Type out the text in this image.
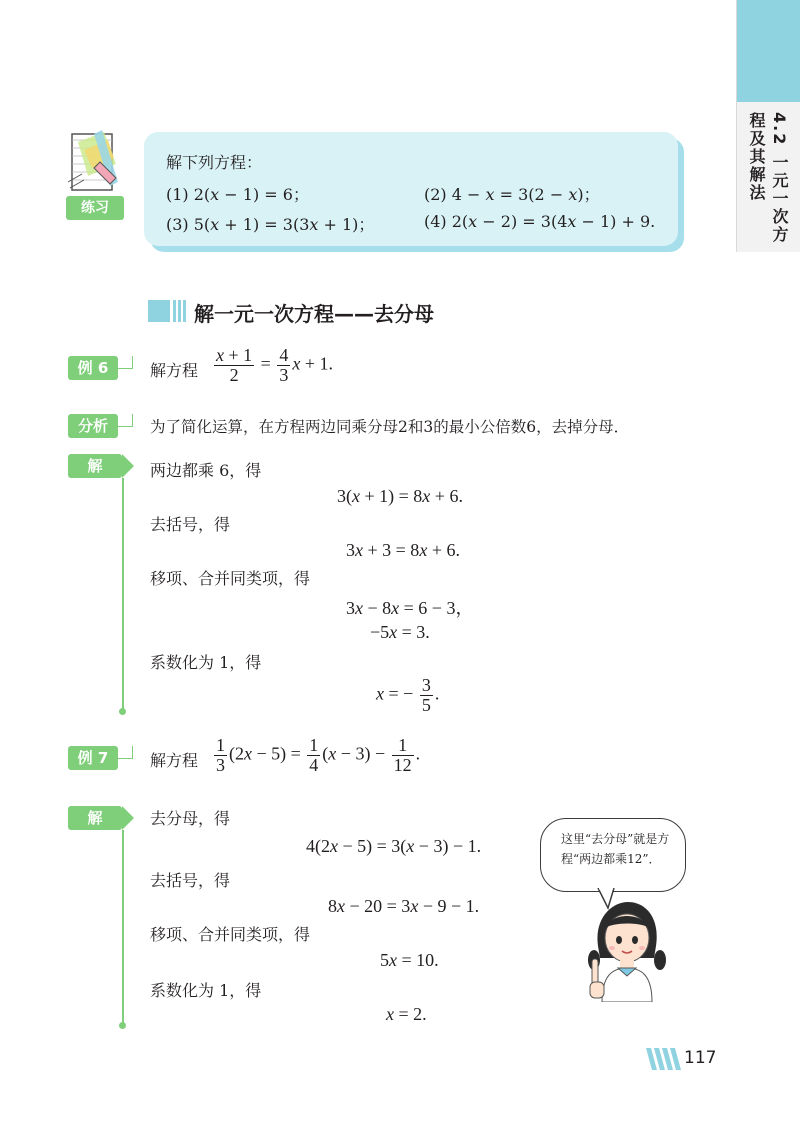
4.2 一元一次方程及其解法
练习
解下列方程：
(1) 2(x − 1) = 6；	(2) 4 − x = 3(2 − x)；
(3) 5(x + 1) = 3(3x + 1)；	(4) 2(x − 2) = 3(4x − 1) + 9.
解一元一次方程——去分母
例 6	解方程 $\frac{x + 1}{2} = \frac{4}{3}$ x + 1.
分析	为了简化运算，在方程两边同乘分母2和3的最小公倍数6，去掉分母．
解	两边都乘 6，得
3(x + 1) = 8x + 6.
去括号，得
3x + 3 = 8x + 6.
移项、合并同类项，得
3x − 8x = 6 − 3，
−5x = 3.
系数化为 1，得
x = − $\frac{3}{5}$ .
例 7	解方程 $\frac{1}{3} (2x - 5) = \frac{1}{4} (x - 3) - \frac{1}{12}$ .
解	去分母，得
4(2x − 5) = 3(x − 3) − 1.
去括号，得
8x − 20 = 3x − 9 − 1.
移项、合并同类项，得
5x = 10.
系数化为 1，得
x = 2.
这里“去分母”就是方程“两边都乘12”．
117
